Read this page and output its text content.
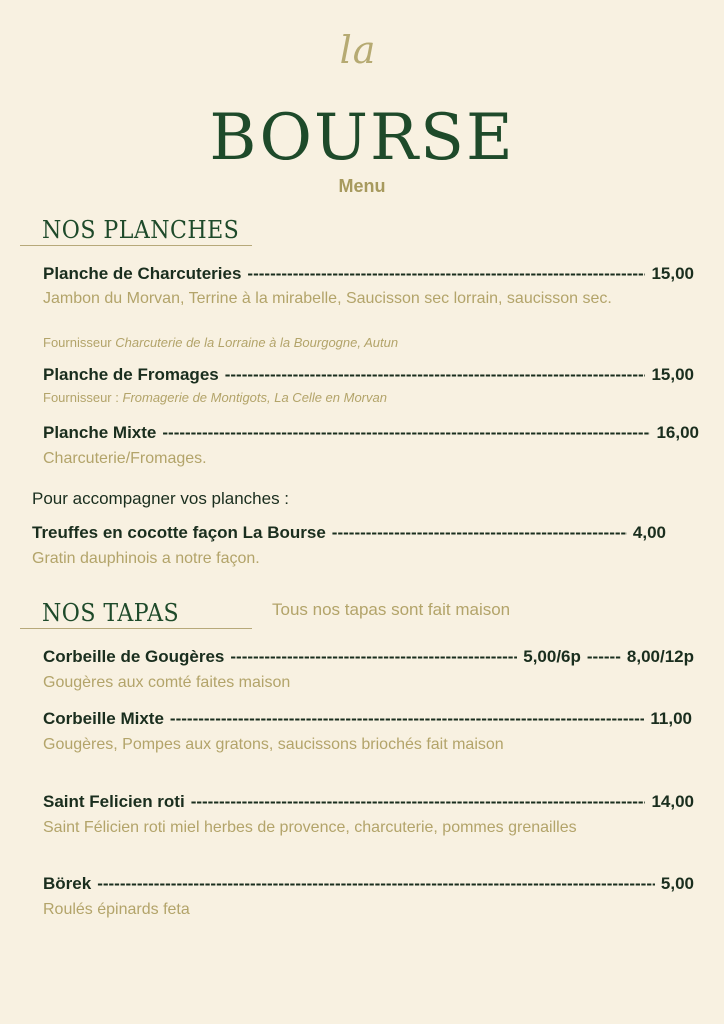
la
BOURSE
Menu
NOS PLANCHES
Planche de Charcuteries -----	15,00
Jambon du Morvan, Terrine à la mirabelle, Saucisson sec lorrain, saucisson sec.
Fournisseur Charcuterie de la Lorraine à la Bourgogne, Autun
Planche de Fromages -----	15,00
Fournisseur : Fromagerie de Montigots, La Celle en Morvan
Planche Mixte -----	16,00
Charcuterie/Fromages.
Pour accompagner vos planches :
Treuffes en cocotte façon La Bourse -----	4,00
Gratin dauphinois a notre façon.
NOS TAPAS	Tous nos tapas sont fait maison
Corbeille de Gougères -----	5,00/6p -----	8,00/12p
Gougères aux comté faites maison
Corbeille Mixte -----	11,00
Gougères, Pompes aux gratons, saucissons briochés fait maison
Saint Felicien roti -----	14,00
Saint Félicien roti miel herbes de provence, charcuterie, pommes grenailles
Börek -----	5,00
Roulés épinards feta
